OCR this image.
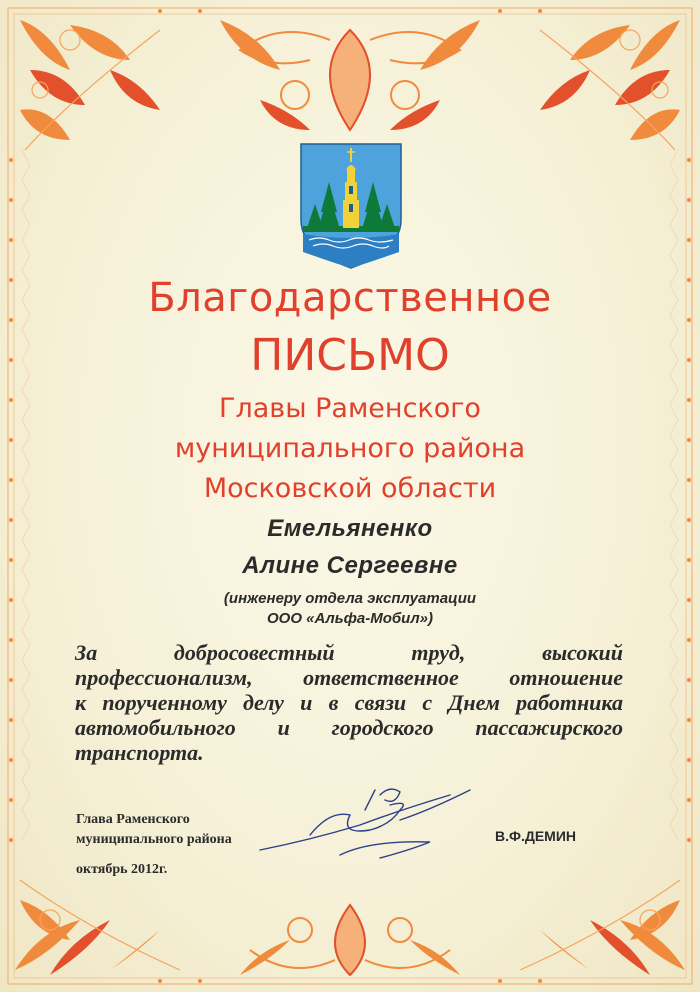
Благодарственное
ПИСЬМО
Главы Раменского
муниципального района
Московской области
Емельяненко
Алине Сергеевне
(инженеру отдела эксплуатации
ООО «Альфа-Мобил»)
За добросовестный труд, высокий
профессионализм, ответственное отношение
к порученному делу и в связи с Днем работника
автомобильного и городского пассажирского
транспорта.
Глава Раменского
муниципального района	В.Ф.ДЕМИН
октябрь 2012г.
